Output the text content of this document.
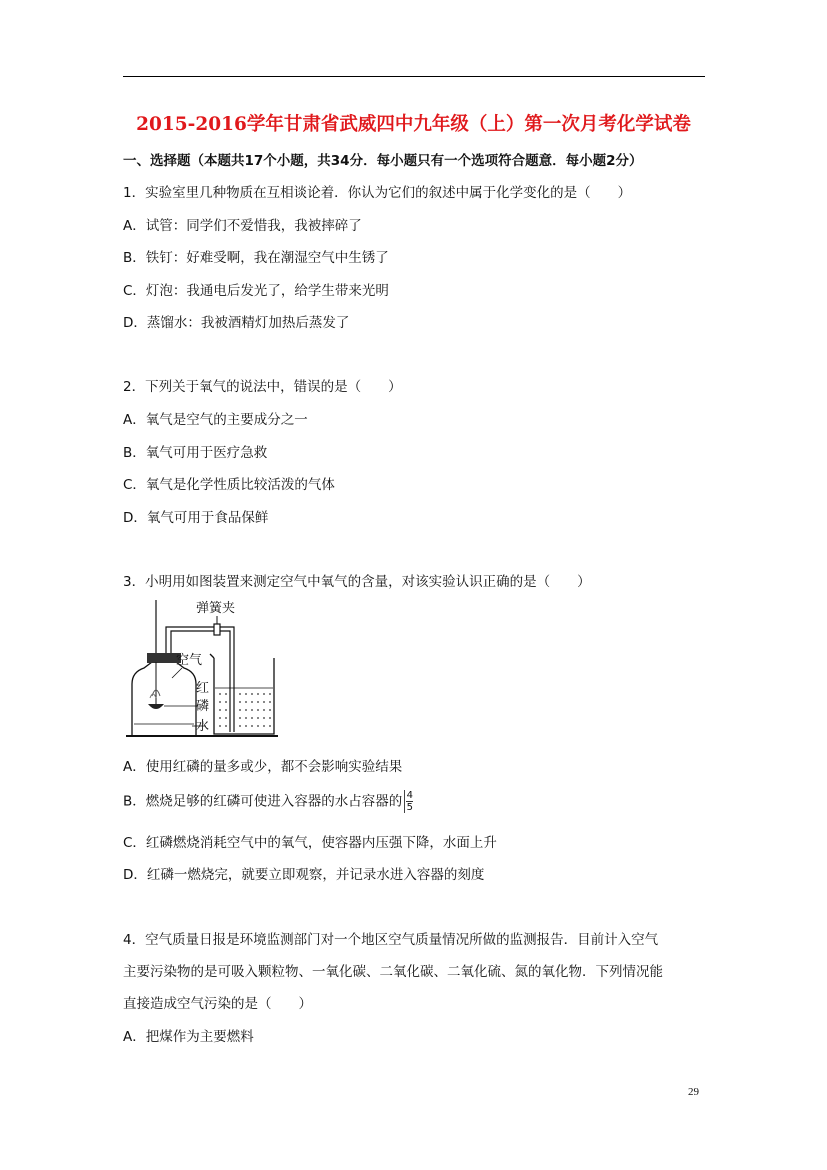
2015-2016学年甘肃省武威四中九年级（上）第一次月考化学试卷
一、选择题（本题共17个小题，共34分．每小题只有一个选项符合题意．每小题2分）
1．实验室里几种物质在互相谈论着．你认为它们的叙述中属于化学变化的是（　　）
A．试管：同学们不爱惜我，我被摔碎了
B．铁钉：好难受啊，我在潮湿空气中生锈了
C．灯泡：我通电后发光了，给学生带来光明
D．蒸馏水：我被酒精灯加热后蒸发了
2．下列关于氧气的说法中，错误的是（　　）
A．氧气是空气的主要成分之一
B．氧气可用于医疗急救
C．氧气是化学性质比较活泼的气体
D．氧气可用于食品保鲜
3．小明用如图装置来测定空气中氧气的含量，对该实验认识正确的是（　　）
弹簧夹
空气
红
磷
水
A．使用红磷的量多或少，都不会影响实验结果
B．燃烧足够的红磷可使进入容器的水占容器的 $\frac{4}{5}$
C．红磷燃烧消耗空气中的氧气，使容器内压强下降，水面上升
D．红磷一燃烧完，就要立即观察，并记录水进入容器的刻度
4．空气质量日报是环境监测部门对一个地区空气质量情况所做的监测报告．目前计入空气
主要污染物的是可吸入颗粒物、一氧化碳、二氧化碳、二氧化硫、氮的氧化物．下列情况能
直接造成空气污染的是（　　）
A．把煤作为主要燃料
29
